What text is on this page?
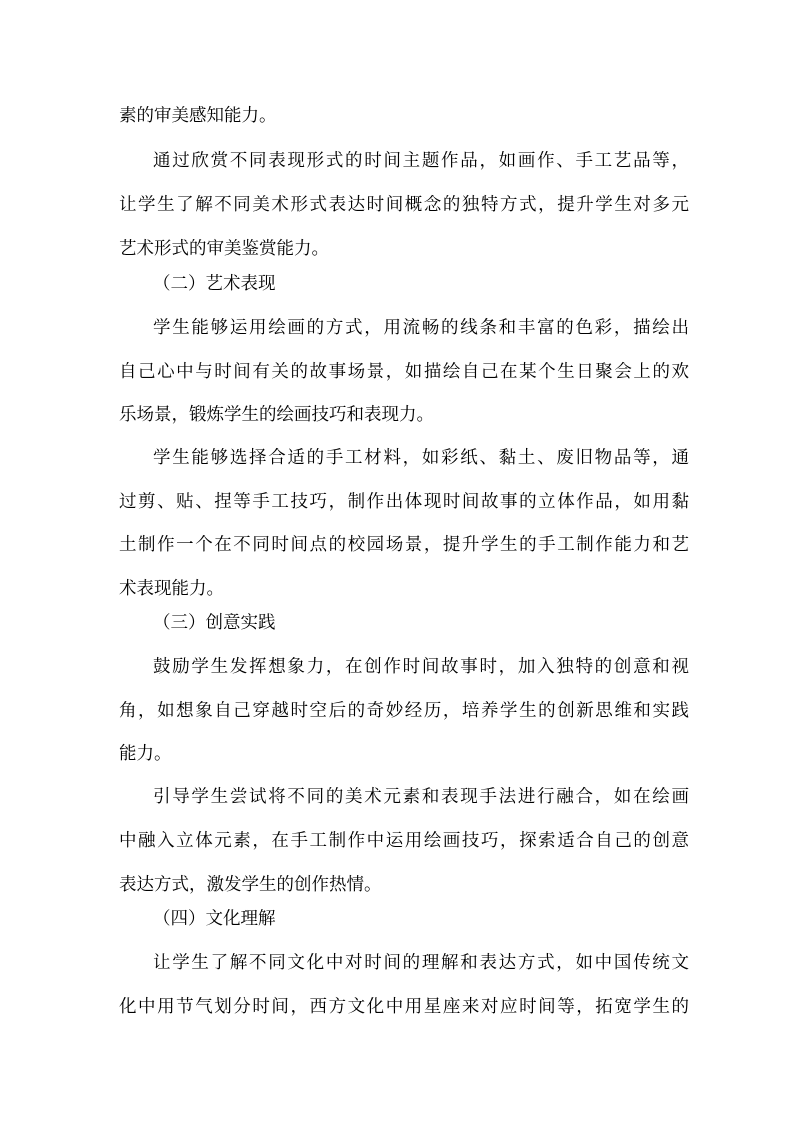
素的审美感知能力。
通过欣赏不同表现形式的时间主题作品，如画作、手工艺品等，
让学生了解不同美术形式表达时间概念的独特方式，提升学生对多元
艺术形式的审美鉴赏能力。
（二）艺术表现
学生能够运用绘画的方式，用流畅的线条和丰富的色彩，描绘出
自己心中与时间有关的故事场景，如描绘自己在某个生日聚会上的欢
乐场景，锻炼学生的绘画技巧和表现力。
学生能够选择合适的手工材料，如彩纸、黏土、废旧物品等，通
过剪、贴、捏等手工技巧，制作出体现时间故事的立体作品，如用黏
土制作一个在不同时间点的校园场景，提升学生的手工制作能力和艺
术表现能力。
（三）创意实践
鼓励学生发挥想象力，在创作时间故事时，加入独特的创意和视
角，如想象自己穿越时空后的奇妙经历，培养学生的创新思维和实践
能力。
引导学生尝试将不同的美术元素和表现手法进行融合，如在绘画
中融入立体元素，在手工制作中运用绘画技巧，探索适合自己的创意
表达方式，激发学生的创作热情。
（四）文化理解
让学生了解不同文化中对时间的理解和表达方式，如中国传统文
化中用节气划分时间，西方文化中用星座来对应时间等，拓宽学生的
